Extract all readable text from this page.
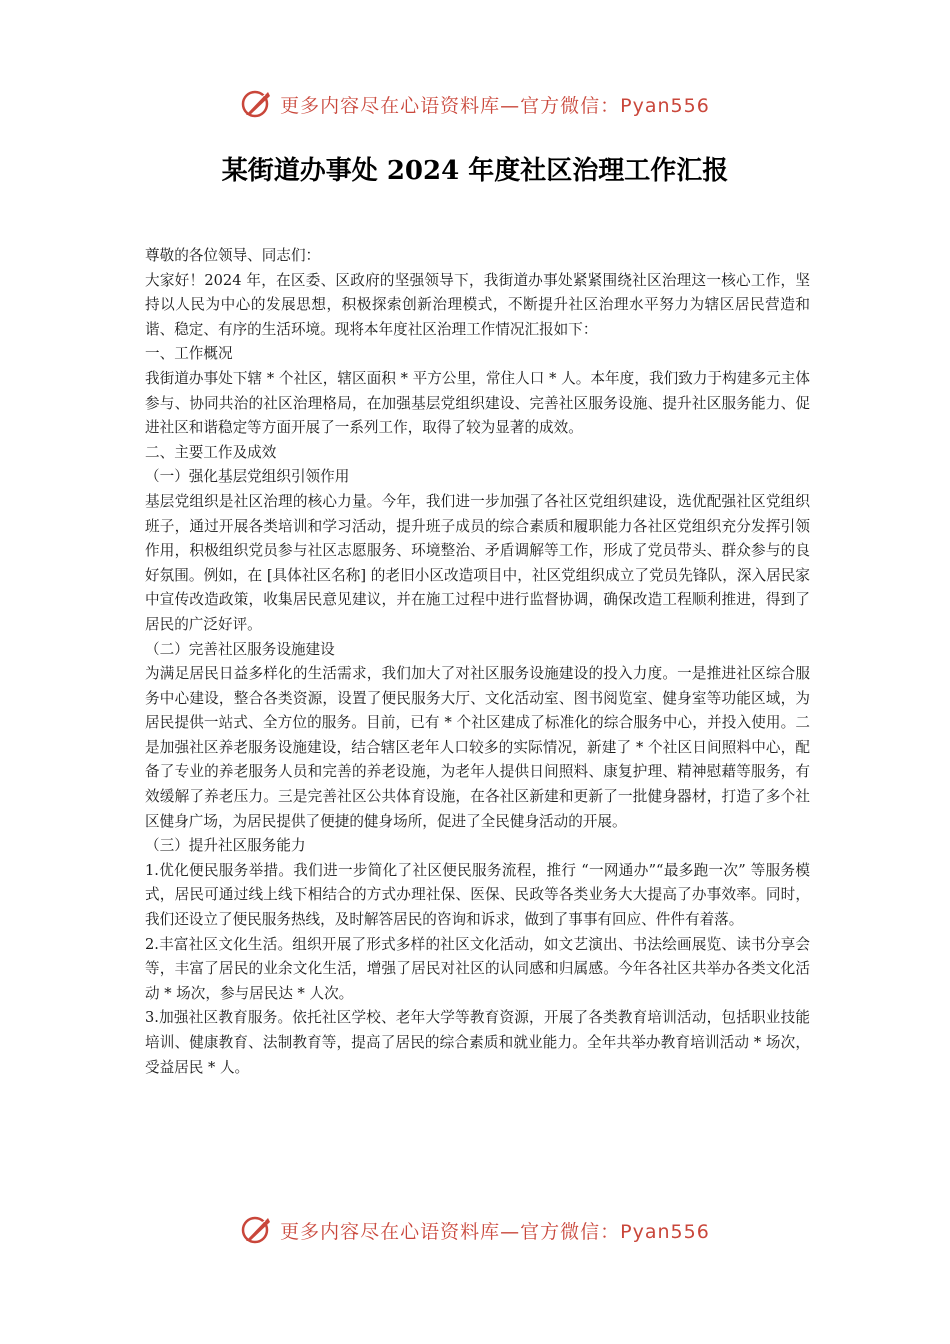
更多内容尽在心语资料库—官方微信：Pyan556
某街道办事处 2024 年度社区治理工作汇报

尊敬的各位领导、同志们：

大家好！2024 年，在区委、区政府的坚强领导下，我街道办事处紧紧围绕社区治理这一核心工作，坚持以人民为中心的发展思想，积极探索创新治理模式，不断提升社区治理水平努力为辖区居民营造和谐、稳定、有序的生活环境。现将本年度社区治理工作情况汇报如下：

一、工作概况

我街道办事处下辖 * 个社区，辖区面积 * 平方公里，常住人口 * 人。本年度，我们致力于构建多元主体参与、协同共治的社区治理格局，在加强基层党组织建设、完善社区服务设施、提升社区服务能力、促进社区和谐稳定等方面开展了一系列工作，取得了较为显著的成效。

二、主要工作及成效

（一）强化基层党组织引领作用

基层党组织是社区治理的核心力量。今年，我们进一步加强了各社区党组织建设，选优配强社区党组织班子，通过开展各类培训和学习活动，提升班子成员的综合素质和履职能力各社区党组织充分发挥引领作用，积极组织党员参与社区志愿服务、环境整治、矛盾调解等工作，形成了党员带头、群众参与的良好氛围。例如，在 [具体社区名称] 的老旧小区改造项目中，社区党组织成立了党员先锋队，深入居民家中宣传改造政策，收集居民意见建议，并在施工过程中进行监督协调，确保改造工程顺利推进，得到了居民的广泛好评。

（二）完善社区服务设施建设

为满足居民日益多样化的生活需求，我们加大了对社区服务设施建设的投入力度。一是推进社区综合服务中心建设，整合各类资源，设置了便民服务大厅、文化活动室、图书阅览室、健身室等功能区域，为居民提供一站式、全方位的服务。目前，已有 * 个社区建成了标准化的综合服务中心，并投入使用。二是加强社区养老服务设施建设，结合辖区老年人口较多的实际情况，新建了 * 个社区日间照料中心，配备了专业的养老服务人员和完善的养老设施，为老年人提供日间照料、康复护理、精神慰藉等服务，有效缓解了养老压力。三是完善社区公共体育设施，在各社区新建和更新了一批健身器材，打造了多个社区健身广场，为居民提供了便捷的健身场所，促进了全民健身活动的开展。

（三）提升社区服务能力

1.优化便民服务举措。我们进一步简化了社区便民服务流程，推行 “一网通办”“最多跑一次” 等服务模式，居民可通过线上线下相结合的方式办理社保、医保、民政等各类业务大大提高了办事效率。同时，我们还设立了便民服务热线，及时解答居民的咨询和诉求，做到了事事有回应、件件有着落。

2.丰富社区文化生活。组织开展了形式多样的社区文化活动，如文艺演出、书法绘画展览、读书分享会等，丰富了居民的业余文化生活，增强了居民对社区的认同感和归属感。今年各社区共举办各类文化活动 * 场次，参与居民达 * 人次。

3.加强社区教育服务。依托社区学校、老年大学等教育资源，开展了各类教育培训活动，包括职业技能培训、健康教育、法制教育等，提高了居民的综合素质和就业能力。全年共举办教育培训活动 * 场次，受益居民 * 人。

更多内容尽在心语资料库—官方微信：Pyan556
